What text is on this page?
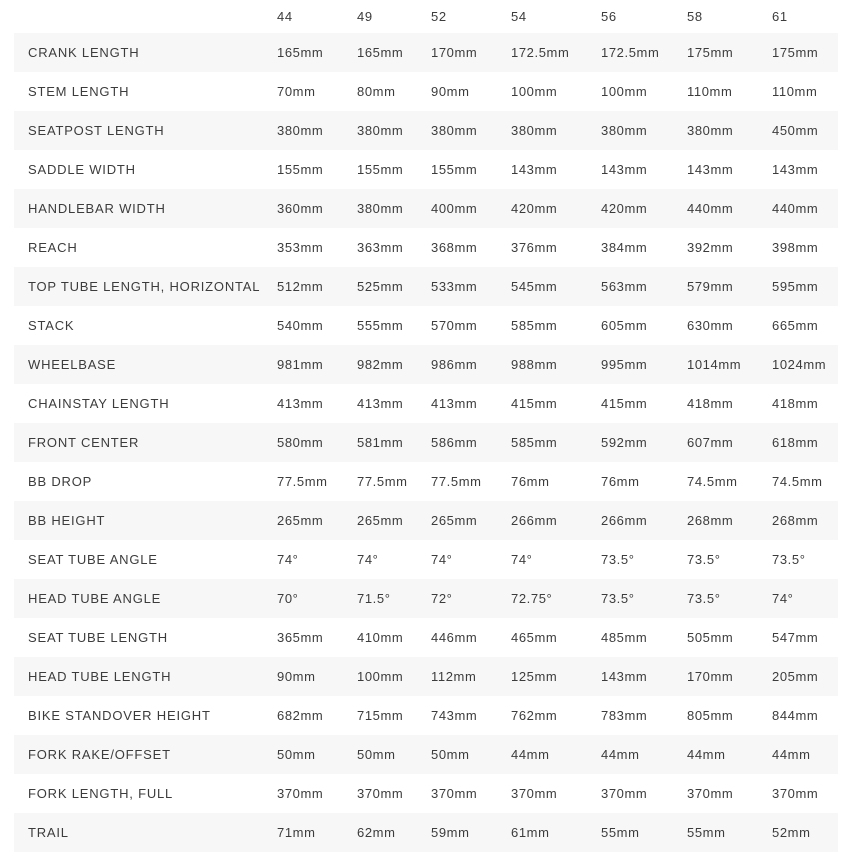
	44	49	52	54	56	58	61
CRANK LENGTH	165mm	165mm	170mm	172.5mm	172.5mm	175mm	175mm
STEM LENGTH	70mm	80mm	90mm	100mm	100mm	110mm	110mm
SEATPOST LENGTH	380mm	380mm	380mm	380mm	380mm	380mm	450mm
SADDLE WIDTH	155mm	155mm	155mm	143mm	143mm	143mm	143mm
HANDLEBAR WIDTH	360mm	380mm	400mm	420mm	420mm	440mm	440mm
REACH	353mm	363mm	368mm	376mm	384mm	392mm	398mm
TOP TUBE LENGTH, HORIZONTAL	512mm	525mm	533mm	545mm	563mm	579mm	595mm
STACK	540mm	555mm	570mm	585mm	605mm	630mm	665mm
WHEELBASE	981mm	982mm	986mm	988mm	995mm	1014mm	1024mm
CHAINSTAY LENGTH	413mm	413mm	413mm	415mm	415mm	418mm	418mm
FRONT CENTER	580mm	581mm	586mm	585mm	592mm	607mm	618mm
BB DROP	77.5mm	77.5mm	77.5mm	76mm	76mm	74.5mm	74.5mm
BB HEIGHT	265mm	265mm	265mm	266mm	266mm	268mm	268mm
SEAT TUBE ANGLE	74°	74°	74°	74°	73.5°	73.5°	73.5°
HEAD TUBE ANGLE	70°	71.5°	72°	72.75°	73.5°	73.5°	74°
SEAT TUBE LENGTH	365mm	410mm	446mm	465mm	485mm	505mm	547mm
HEAD TUBE LENGTH	90mm	100mm	112mm	125mm	143mm	170mm	205mm
BIKE STANDOVER HEIGHT	682mm	715mm	743mm	762mm	783mm	805mm	844mm
FORK RAKE/OFFSET	50mm	50mm	50mm	44mm	44mm	44mm	44mm
FORK LENGTH, FULL	370mm	370mm	370mm	370mm	370mm	370mm	370mm
TRAIL	71mm	62mm	59mm	61mm	55mm	55mm	52mm
